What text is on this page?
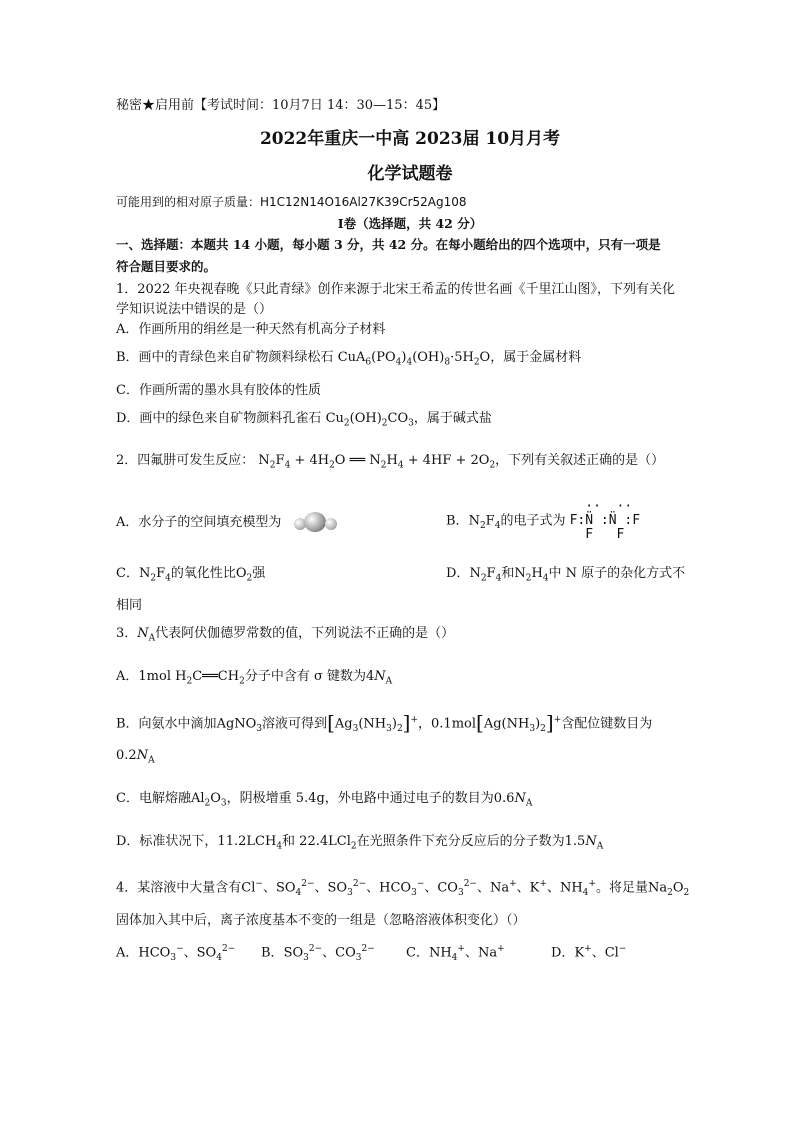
秘密★启用前【考试时间：10月7日 14：30—15：45】
2022年重庆一中高 2023届 10月月考
化学试题卷
可能用到的相对原子质量：H1C12N14O16Al27K39Cr52Ag108
Ⅰ卷（选择题，共 42 分）
一、选择题：本题共 14 小题，每小题 3 分，共 42 分。在每小题给出的四个选项中，只有一项是
符合题目要求的。
1．2022 年央视春晚《只此青绿》创作来源于北宋王希孟的传世名画《千里江山图》，下列有关化
学知识说法中错误的是（）
A．作画所用的绢丝是一种天然有机高分子材料
B．画中的青绿色来自矿物颜料绿松石 $CuA_6(PO_4)_4(OH)_8\cdot 5H_2O$，属于金属材料
C．作画所需的墨水具有胶体的性质
D．画中的绿色来自矿物颜料孔雀石 $Cu_2(OH)_2CO_3$，属于碱式盐
2．四氟肼可发生反应： $N_2F_4 + 4H_2O$ ══ $N_2H_4 + 4HF + 2O_2$，下列有关叙述正确的是（）
A．水分子的空间填充模型为	B．$N_2F_4$的电子式为   ··  ··
F:N̈ :N̈ :F
F   F
C．$N_2F_4$的氧化性比$O_2$强	D．$N_2F_4$和$N_2H_4$中 N 原子的杂化方式不
相同
3．$N_A$代表阿伏伽德罗常数的值，下列说法不正确的是（）
A．1mol $H_2C══CH_2$分子中含有 σ 键数为$4N_A$
B．向氨水中滴加AgNO$_3$溶液可得到$[Ag_3(NH_3)_2]^+$，$0.1mol[Ag(NH_3)_2]^+$含配位键数目为
$0.2N_A$
C．电解熔融$Al_2O_3$，阴极增重 5.4g，外电路中通过电子的数目为$0.6N_A$
D．标准状况下，$11.2LCH_4$和 22.4LCl$_2$在光照条件下充分反应后的分子数为$1.5N_A$
4．某溶液中大量含有Cl−、$SO_4^{2-}$、$SO_3^{2-}$、$HCO_3^-$、$CO_3^{2-}$、Na+、K+、$NH_4^+$。将足量$Na_2O_2$
固体加入其中后，离子浓度基本不变的一组是（忽略溶液体积变化）（）
A．$HCO_3^-$、$SO_4^{2-}$	B．$SO_3^{2-}$、$CO_3^{2-}$	C．$NH_4^+$、Na+	D．K+、Cl−
